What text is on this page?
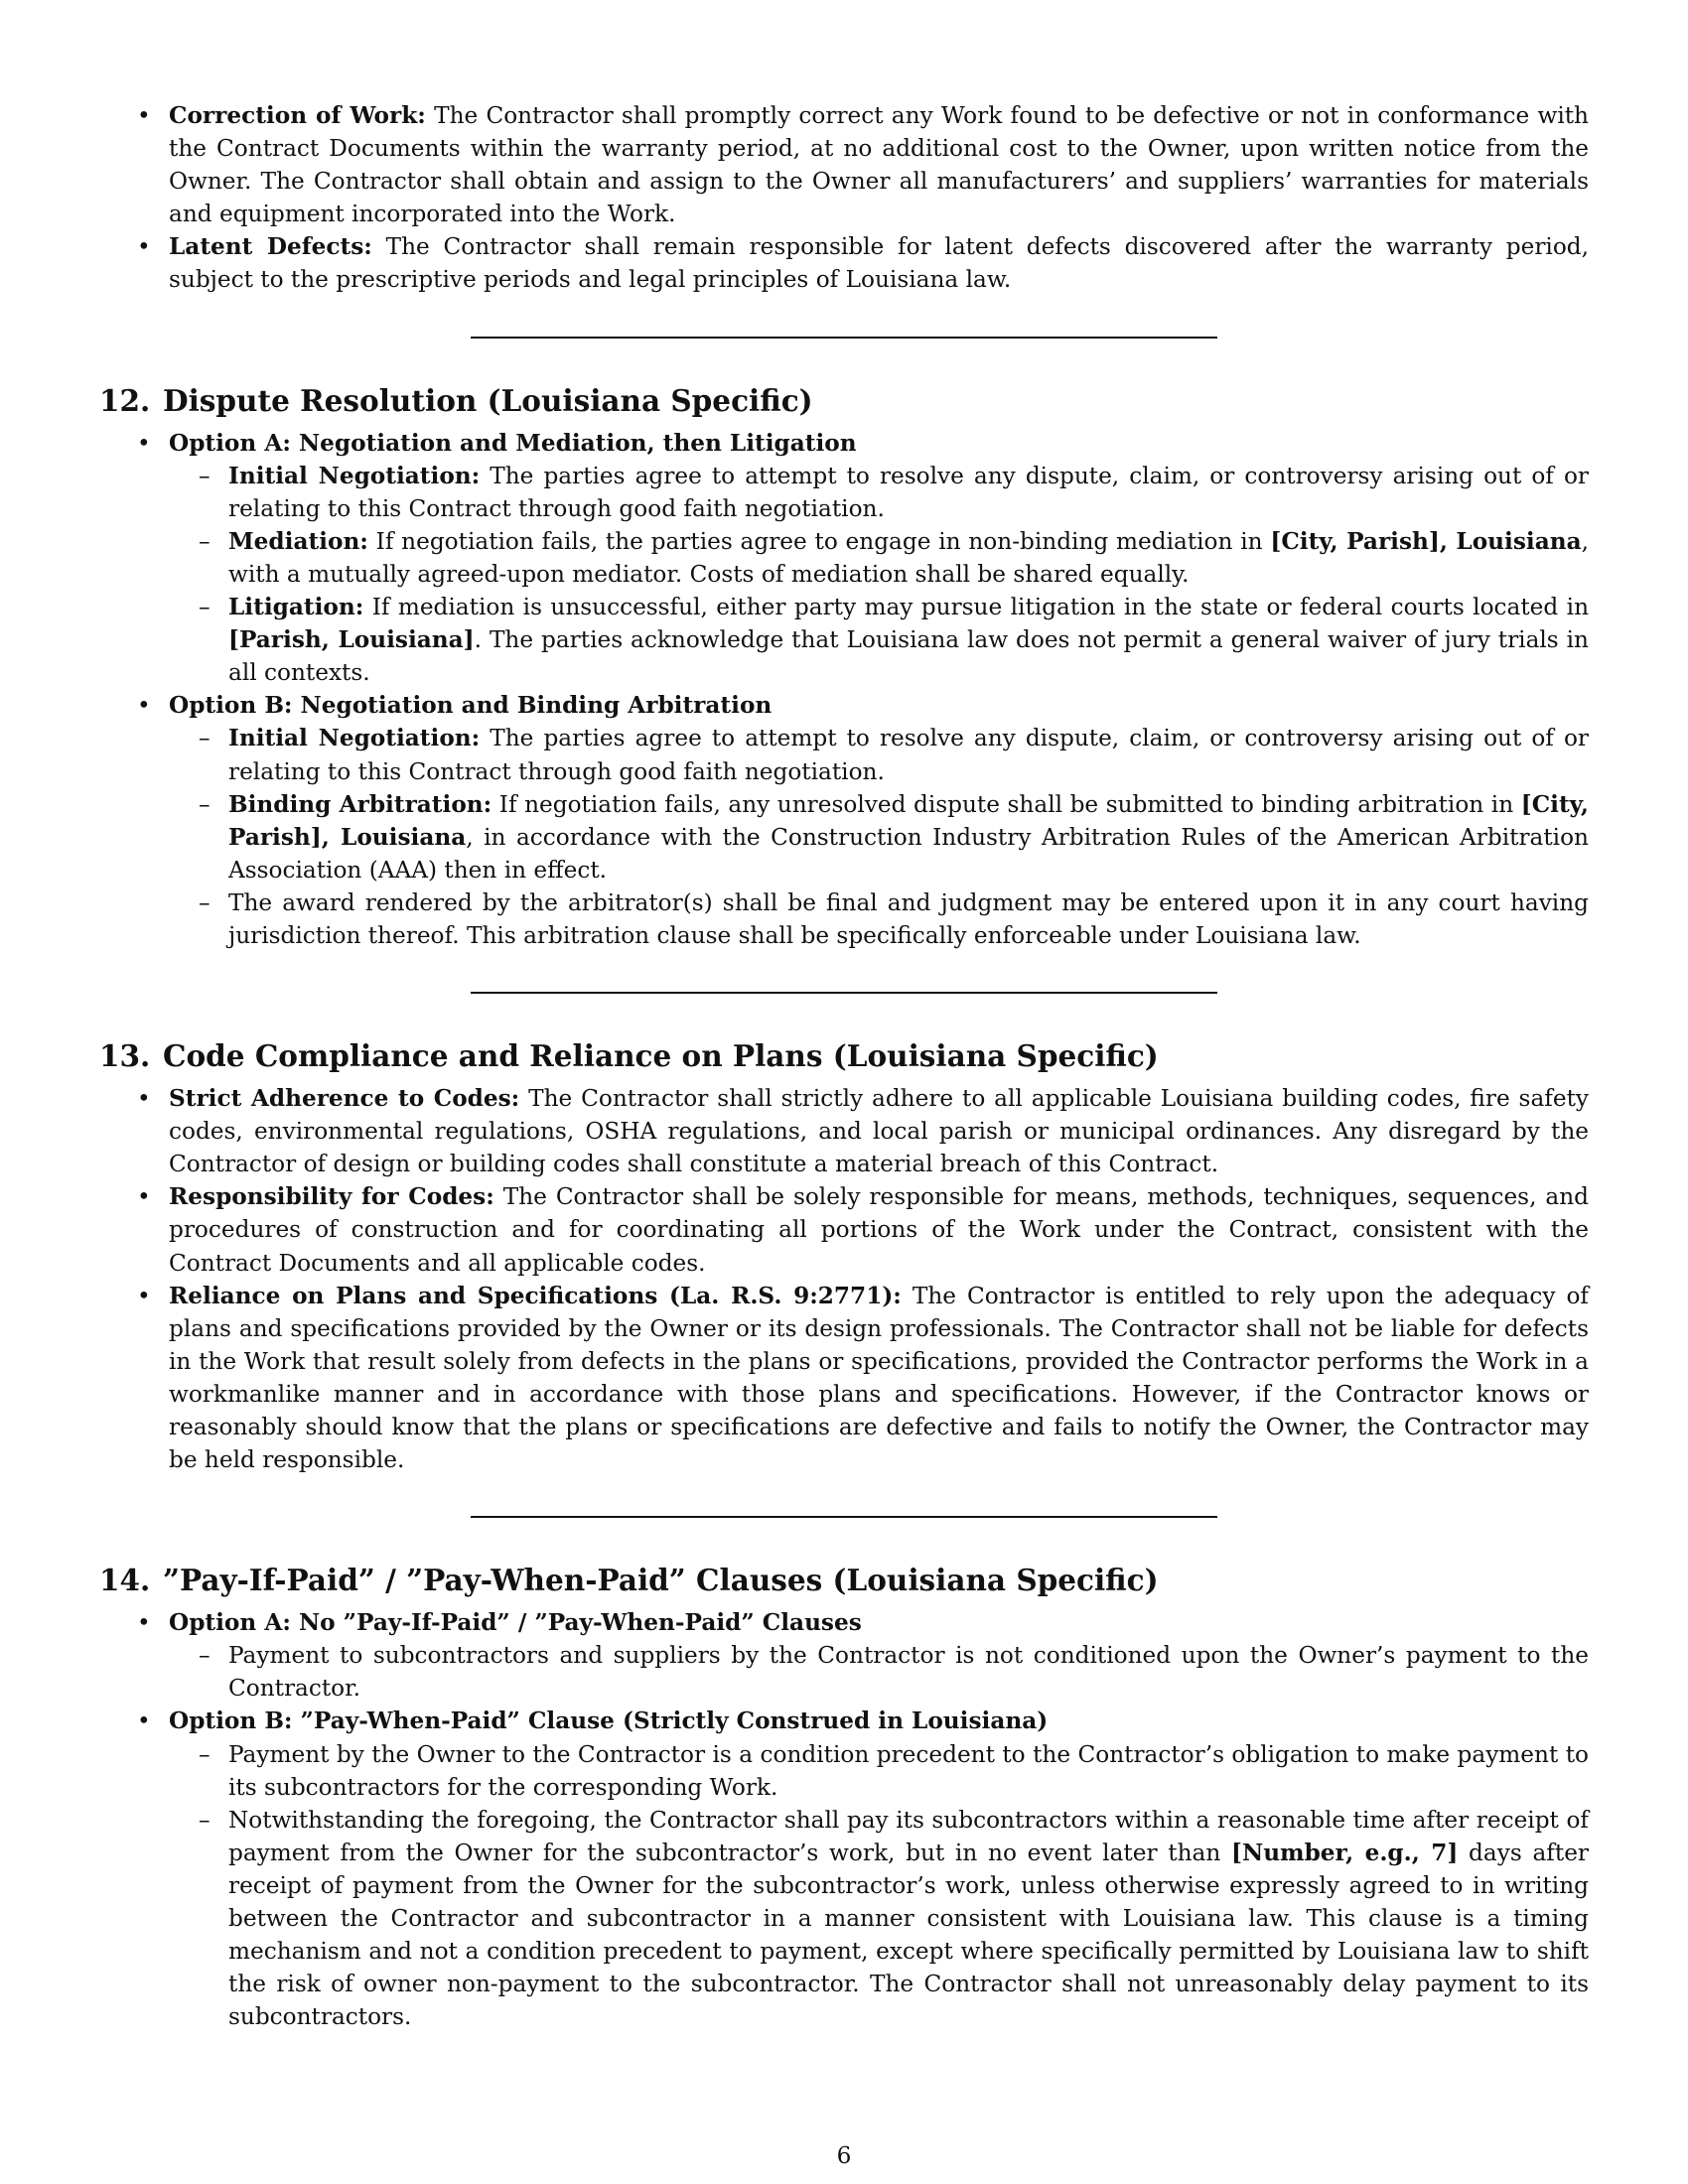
• Correction of Work: The Contractor shall promptly correct any Work found to be defective or not in conformance with the Contract Documents within the warranty period, at no additional cost to the Owner, upon written notice from the Owner. The Contractor shall obtain and assign to the Owner all manufacturers’ and suppliers’ warranties for materials and equipment incorporated into the Work.
• Latent Defects: The Contractor shall remain responsible for latent defects discovered after the warranty period, subject to the prescriptive periods and legal principles of Louisiana law.
12. Dispute Resolution (Louisiana Specific)
• Option A: Negotiation and Mediation, then Litigation
– Initial Negotiation: The parties agree to attempt to resolve any dispute, claim, or controversy arising out of or relating to this Contract through good faith negotiation.
– Mediation: If negotiation fails, the parties agree to engage in non-binding mediation in [City, Parish], Louisiana, with a mutually agreed-upon mediator. Costs of mediation shall be shared equally.
– Litigation: If mediation is unsuccessful, either party may pursue litigation in the state or federal courts located in [Parish, Louisiana]. The parties acknowledge that Louisiana law does not permit a general waiver of jury trials in all contexts.
• Option B: Negotiation and Binding Arbitration
– Initial Negotiation: The parties agree to attempt to resolve any dispute, claim, or controversy arising out of or relating to this Contract through good faith negotiation.
– Binding Arbitration: If negotiation fails, any unresolved dispute shall be submitted to binding arbitration in [City, Parish], Louisiana, in accordance with the Construction Industry Arbitration Rules of the American Arbitration Association (AAA) then in effect.
– The award rendered by the arbitrator(s) shall be final and judgment may be entered upon it in any court having jurisdiction thereof. This arbitration clause shall be specifically enforceable under Louisiana law.
13. Code Compliance and Reliance on Plans (Louisiana Specific)
• Strict Adherence to Codes: The Contractor shall strictly adhere to all applicable Louisiana building codes, fire safety codes, environmental regulations, OSHA regulations, and local parish or municipal ordinances. Any disregard by the Contractor of design or building codes shall constitute a material breach of this Contract.
• Responsibility for Codes: The Contractor shall be solely responsible for means, methods, techniques, sequences, and procedures of construction and for coordinating all portions of the Work under the Contract, consistent with the Contract Documents and all applicable codes.
• Reliance on Plans and Specifications (La. R.S. 9:2771): The Contractor is entitled to rely upon the adequacy of plans and specifications provided by the Owner or its design professionals. The Contractor shall not be liable for defects in the Work that result solely from defects in the plans or specifications, provided the Contractor performs the Work in a workmanlike manner and in accordance with those plans and specifications. However, if the Contractor knows or reasonably should know that the plans or specifications are defective and fails to notify the Owner, the Contractor may be held responsible.
14. ”Pay-If-Paid” / ”Pay-When-Paid” Clauses (Louisiana Specific)
• Option A: No ”Pay-If-Paid” / ”Pay-When-Paid” Clauses
– Payment to subcontractors and suppliers by the Contractor is not conditioned upon the Owner’s payment to the Contractor.
• Option B: ”Pay-When-Paid” Clause (Strictly Construed in Louisiana)
– Payment by the Owner to the Contractor is a condition precedent to the Contractor’s obligation to make payment to its subcontractors for the corresponding Work.
– Notwithstanding the foregoing, the Contractor shall pay its subcontractors within a reasonable time after receipt of payment from the Owner for the subcontractor’s work, but in no event later than [Number, e.g., 7] days after receipt of payment from the Owner for the subcontractor’s work, unless otherwise expressly agreed to in writing between the Contractor and subcontractor in a manner consistent with Louisiana law. This clause is a timing mechanism and not a condition precedent to payment, except where specifically permitted by Louisiana law to shift the risk of owner non-payment to the subcontractor. The Contractor shall not unreasonably delay payment to its subcontractors.
6
